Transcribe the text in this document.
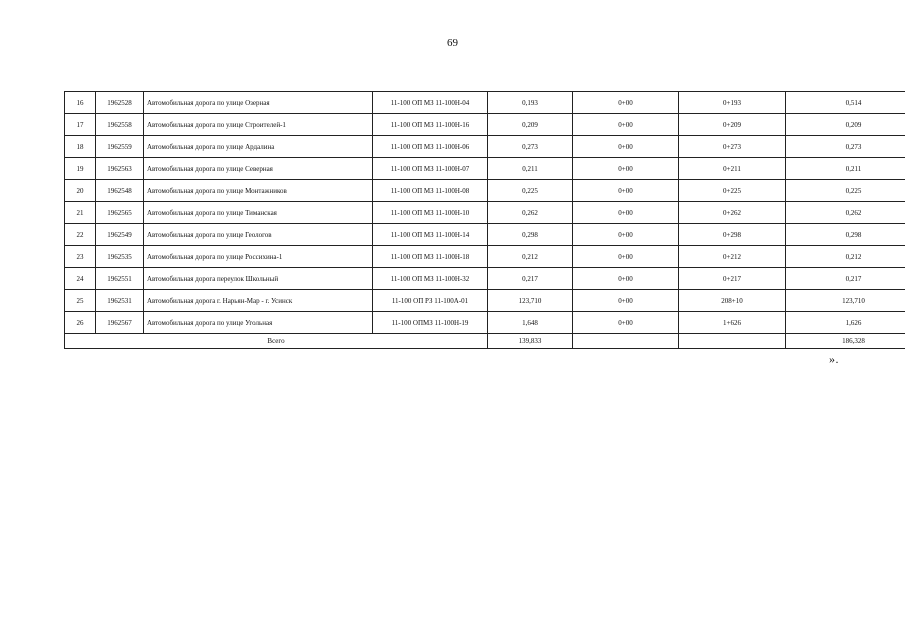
69
16	1962528	Автомобильная дорога по улице Озерная	11-100 ОП МЗ 11-100Н-04	0,193	0+00	0+193	0,514
17	1962558	Автомобильная дорога по улице Строителей-1	11-100 ОП МЗ 11-100Н-16	0,209	0+00	0+209	0,209
18	1962559	Автомобильная дорога по улице Ардалина	11-100 ОП МЗ 11-100Н-06	0,273	0+00	0+273	0,273
19	1962563	Автомобильная дорога по улице Северная	11-100 ОП МЗ 11-100Н-07	0,211	0+00	0+211	0,211
20	1962548	Автомобильная дорога по улице Монтажников	11-100 ОП МЗ 11-100Н-08	0,225	0+00	0+225	0,225
21	1962565	Автомобильная дорога по улице Тиманская	11-100 ОП МЗ 11-100Н-10	0,262	0+00	0+262	0,262
22	1962549	Автомобильная дорога по улице Геологов	11-100 ОП МЗ 11-100Н-14	0,298	0+00	0+298	0,298
23	1962535	Автомобильная дорога по улице Россихина-1	11-100 ОП МЗ 11-100Н-18	0,212	0+00	0+212	0,212
24	1962551	Автомобильная дорога переулок Школьный	11-100 ОП МЗ 11-100Н-32	0,217	0+00	0+217	0,217
25	1962531	Автомобильная дорога г. Нарьян-Мар - г. Усинск	11-100 ОП РЗ 11-100А-01	123,710	0+00	208+10	123,710
26	1962567	Автомобильная дорога по улице Угольная	11-100 ОПМЗ 11-100Н-19	1,648	0+00	1+626	1,626
Всего				139,833			186,328
».
